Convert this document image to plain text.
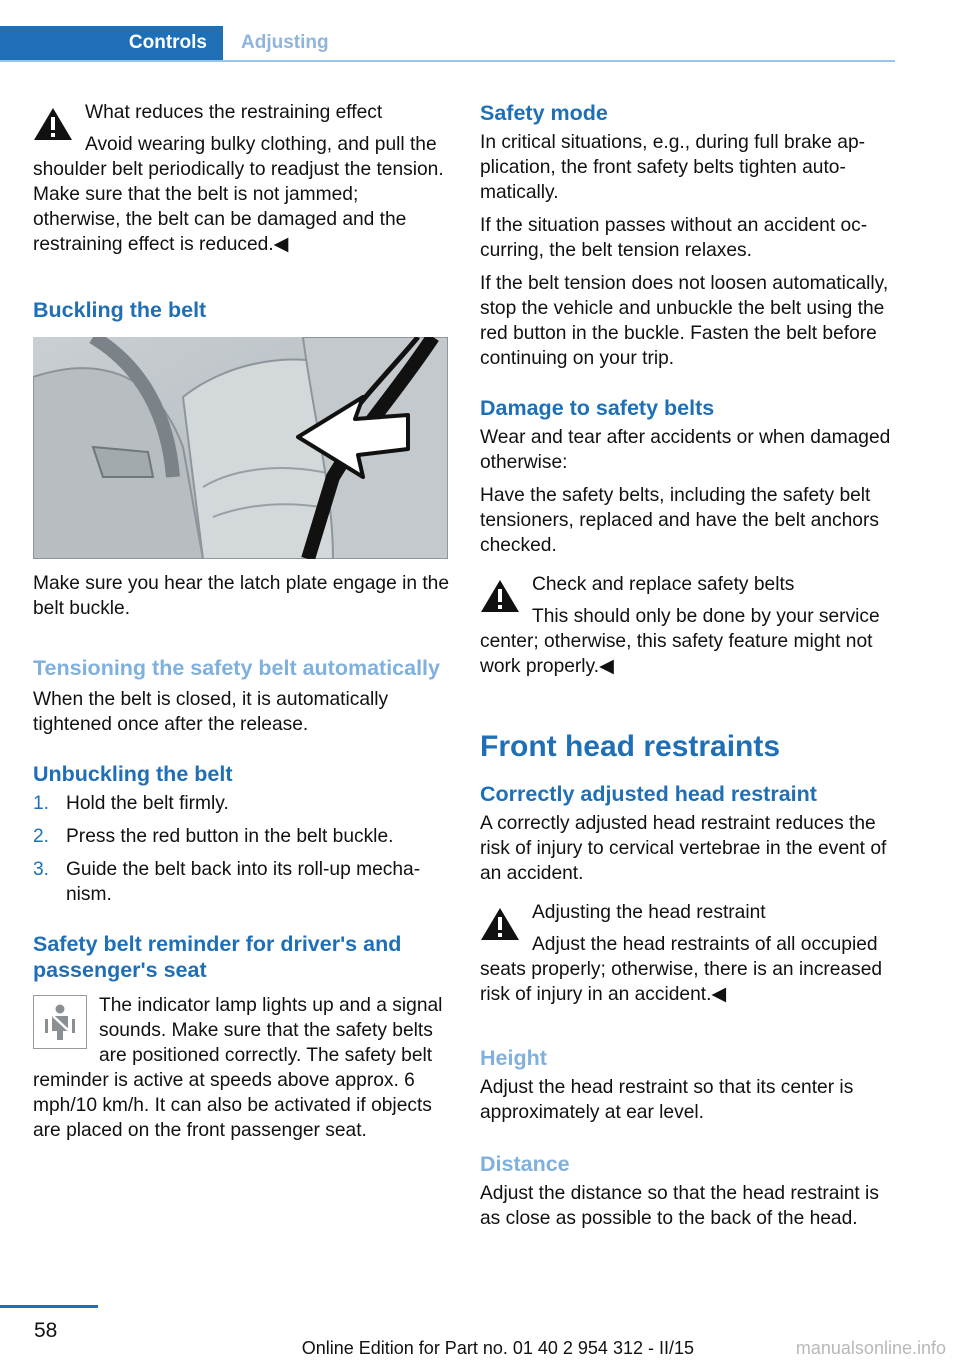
Controls	Adjusting
What reduces the restraining effect

Avoid wearing bulky clothing, and pull the shoulder belt periodically to readjust the tension. Make sure that the belt is not jammed; otherwise, the belt can be damaged and the restraining effect is reduced.◀

Buckling the belt

Make sure you hear the latch plate engage in the belt buckle.

Tensioning the safety belt automatically

When the belt is closed, it is automatically tightened once after the release.

Unbuckling the belt
1. Hold the belt firmly.
2. Press the red button in the belt buckle.
3. Guide the belt back into its roll-up mechanism.
Safety belt reminder for driver's and passenger's seat

The indicator lamp lights up and a signal sounds. Make sure that the safety belts are positioned correctly. The safety belt reminder is active at speeds above approx. 6 mph/10 km/h. It can also be activated if objects are placed on the front passenger seat.

Safety mode

In critical situations, e.g., during full brake application, the front safety belts tighten automatically.

If the situation passes without an accident occurring, the belt tension relaxes.

If the belt tension does not loosen automatically, stop the vehicle and unbuckle the belt using the red button in the buckle. Fasten the belt before continuing on your trip.

Damage to safety belts

Wear and tear after accidents or when damaged otherwise:

Have the safety belts, including the safety belt tensioners, replaced and have the belt anchors checked.

Check and replace safety belts

This should only be done by your service center; otherwise, this safety feature might not work properly.◀

Front head restraints
Correctly adjusted head restraint

A correctly adjusted head restraint reduces the risk of injury to cervical vertebrae in the event of an accident.

Adjusting the head restraint

Adjust the head restraints of all occupied seats properly; otherwise, there is an increased risk of injury in an accident.◀

Height

Adjust the head restraint so that its center is approximately at ear level.

Distance

Adjust the distance so that the head restraint is as close as possible to the back of the head.

58
Online Edition for Part no. 01 40 2 954 312 - II/15	manualsonline.info
